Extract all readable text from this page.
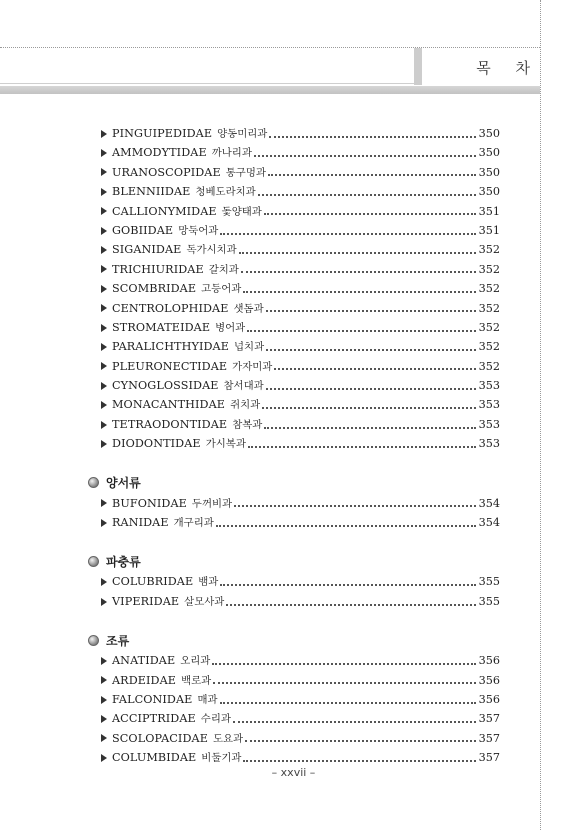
목 차
PINGUIPEDIDAE 양동미리과	350
AMMODYTIDAE 까나리과	350
URANOSCOPIDAE 통구멍과	350
BLENNIIDAE 청베도라치과	350
CALLIONYMIDAE 돛양태과	351
GOBIIDAE 망둑어과	351
SIGANIDAE 독가시치과	352
TRICHIURIDAE 갈치과	352
SCOMBRIDAE 고등어과	352
CENTROLOPHIDAE 샛돔과	352
STROMATEIDAE 병어과	352
PARALICHTHYIDAE 넙치과	352
PLEURONECTIDAE 가자미과	352
CYNOGLOSSIDAE 참서대과	353
MONACANTHIDAE 쥐치과	353
TETRAODONTIDAE 참복과	353
DIODONTIDAE 가시복과	353
양서류
BUFONIDAE 두꺼비과	354
RANIDAE 개구리과	354
파충류
COLUBRIDAE 뱀과	355
VIPERIDAE 살모사과	355
조류
ANATIDAE 오리과	356
ARDEIDAE 백로과	356
FALCONIDAE 매과	356
ACCIPTRIDAE 수리과	357
SCOLOPACIDAE 도요과	357
COLUMBIDAE 비둘기과	357
– xxvii –
